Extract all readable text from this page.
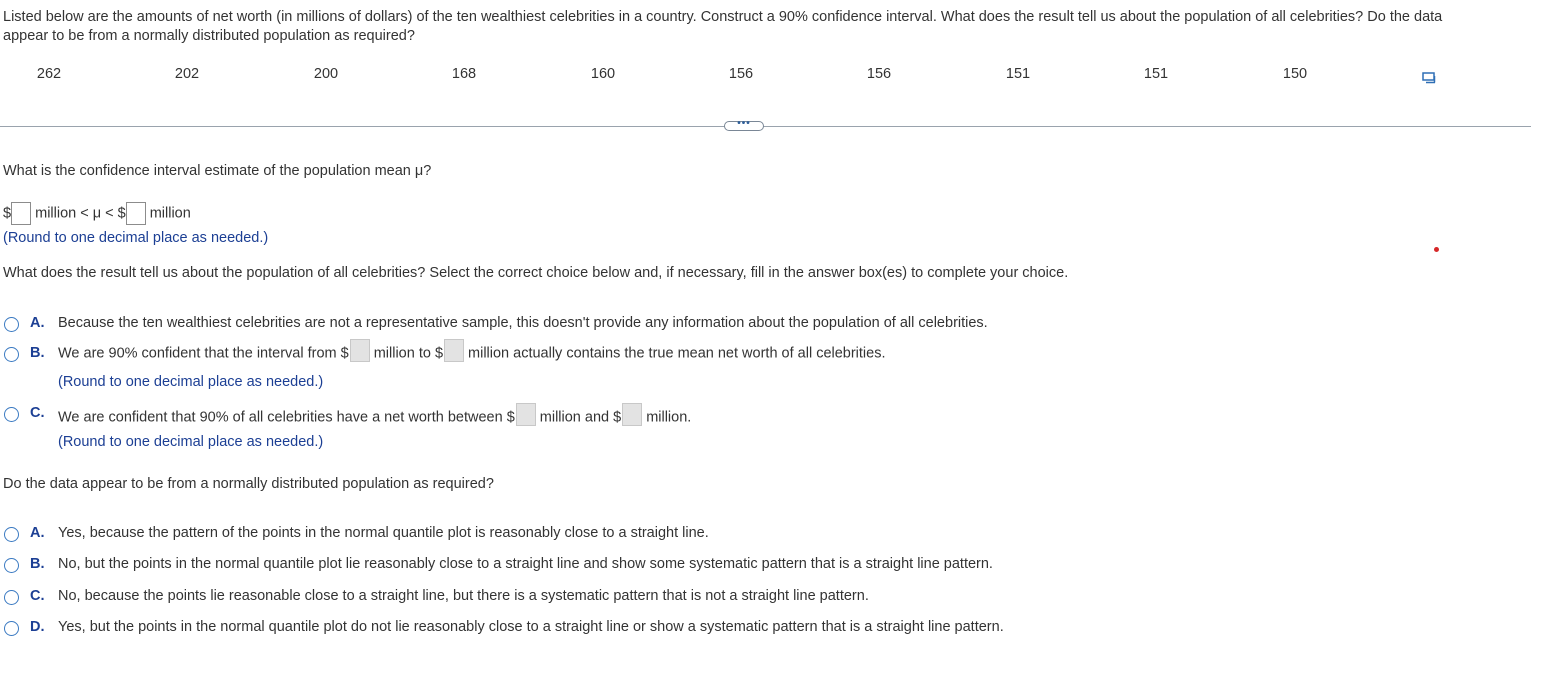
Listed below are the amounts of net worth (in millions of dollars) of the ten wealthiest celebrities in a country. Construct a 90% confidence interval. What does the result tell us about the population of all celebrities? Do the data appear to be from a normally distributed population as required?
262	202	200	168	160	156	156	151	151	150
•••
What is the confidence interval estimate of the population mean μ?
$ million < μ < $ million
(Round to one decimal place as needed.)
What does the result tell us about the population of all celebrities? Select the correct choice below and, if necessary, fill in the answer box(es) to complete your choice.
A. Because the ten wealthiest celebrities are not a representative sample, this doesn't provide any information about the population of all celebrities.
B. We are 90% confident that the interval from $ million to $ million actually contains the true mean net worth of all celebrities.
(Round to one decimal place as needed.)
C. We are confident that 90% of all celebrities have a net worth between $ million and $ million.
(Round to one decimal place as needed.)
Do the data appear to be from a normally distributed population as required?
A. Yes, because the pattern of the points in the normal quantile plot is reasonably close to a straight line.
B. No, but the points in the normal quantile plot lie reasonably close to a straight line and show some systematic pattern that is a straight line pattern.
C. No, because the points lie reasonable close to a straight line, but there is a systematic pattern that is not a straight line pattern.
D. Yes, but the points in the normal quantile plot do not lie reasonably close to a straight line or show a systematic pattern that is a straight line pattern.
